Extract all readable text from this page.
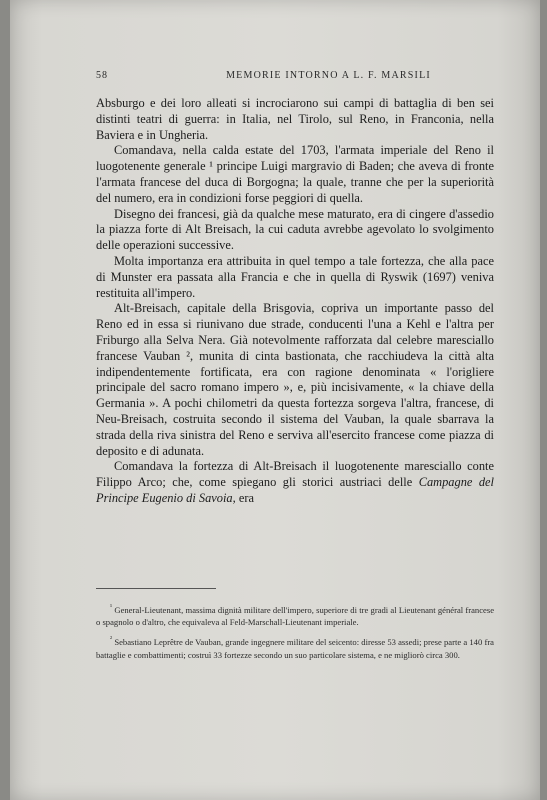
58	MEMORIE INTORNO A L. F. MARSILI

Absburgo e dei loro alleati si incrociarono sui campi di battaglia di ben sei distinti teatri di guerra: in Italia, nel Tirolo, sul Reno, in Franconia, nella Baviera e in Ungheria.

Comandava, nella calda estate del 1703, l'armata imperiale del Reno il luogotenente generale ¹ principe Luigi margravio di Baden; che aveva di fronte l'armata francese del duca di Borgogna; la quale, tranne che per la superiorità del numero, era in condizioni forse peggiori di quella.

Disegno dei francesi, già da qualche mese maturato, era di cingere d'assedio la piazza forte di Alt Breisach, la cui caduta avrebbe agevolato lo svolgimento delle operazioni successive.

Molta importanza era attribuita in quel tempo a tale fortezza, che alla pace di Munster era passata alla Francia e che in quella di Ryswik (1697) veniva restituita all'impero.

Alt-Breisach, capitale della Brisgovia, copriva un importante passo del Reno ed in essa si riunivano due strade, conducenti l'una a Kehl e l'altra per Friburgo alla Selva Nera. Già notevolmente rafforzata dal celebre maresciallo francese Vauban ², munita di cinta bastionata, che racchiudeva la città alta indipendentemente fortificata, era con ragione denominata « l'origliere principale del sacro romano impero », e, più incisivamente, « la chiave della Germania ». A pochi chilometri da questa fortezza sorgeva l'altra, francese, di Neu-Breisach, costruita secondo il sistema del Vauban, la quale sbarrava la strada della riva sinistra del Reno e serviva all'esercito francese come piazza di deposito e di adunata.

Comandava la fortezza di Alt-Breisach il luogotenente maresciallo conte Filippo Arco; che, come spiegano gli storici austriaci delle Campagne del Principe Eugenio di Savoia, era

$^{^1}$ General-Lieutenant, massima dignità militare dell'impero, superiore di tre gradi al Lieutenant général francese o spagnolo o d'altro, che equivaleva al Feld-Marschall-Lieutenant imperiale.

$^{^2}$ Sebastiano Leprêtre de Vauban, grande ingegnere militare del seicento: diresse 53 assedi; prese parte a 140 fra battaglie e combattimenti; costruì 33 fortezze secondo un suo particolare sistema, e ne migliorò circa 300.
